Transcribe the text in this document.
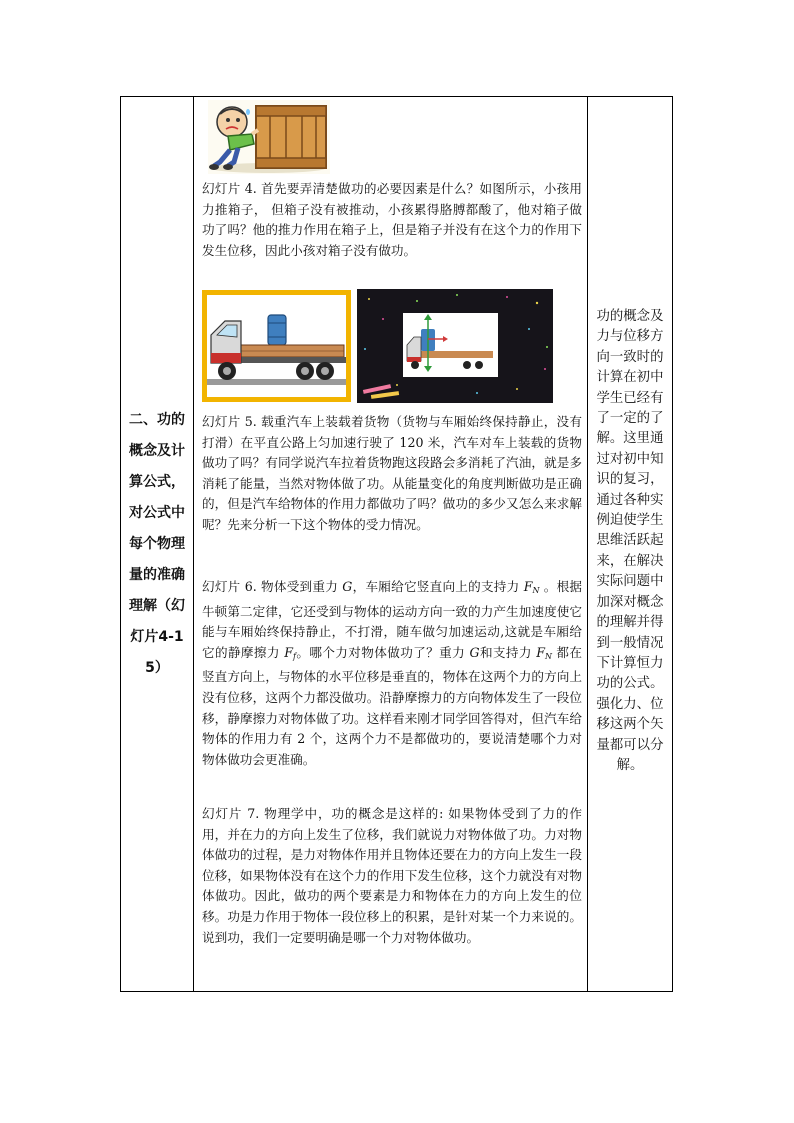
二、功的概念及计算公式，对公式中每个物理量的准确理解（幻灯片4-15）
幻灯片 4. 首先要弄清楚做功的必要因素是什么？如图所示，小孩用力推箱子， 但箱子没有被推动，小孩累得胳膊都酸了，他对箱子做功了吗？他的推力作用在箱子上，但是箱子并没有在这个力的作用下发生位移，因此小孩对箱子没有做功。
幻灯片 5. 载重汽车上装载着货物（货物与车厢始终保持静止，没有打滑）在平直公路上匀加速行驶了 120 米，汽车对车上装载的货物做功了吗？有同学说汽车拉着货物跑这段路会多消耗了汽油，就是多消耗了能量，当然对物体做了功。从能量变化的角度判断做功是正确的，但是汽车给物体的作用力都做功了吗？做功的多少又怎么来求解呢？先来分析一下这个物体的受力情况。
幻灯片 6. 物体受到重力 G，车厢给它竖直向上的支持力 $F_N$ 。根据牛顿第二定律，它还受到与物体的运动方向一致的力产生加速度使它能与车厢始终保持静止，不打滑，随车做匀加速运动,这就是车厢给它的静摩擦力 $F_f$。哪个力对物体做功了？重力 G和支持力 $F_N$ 都在竖直方向上，与物体的水平位移是垂直的，物体在这两个力的方向上没有位移，这两个力都没做功。沿静摩擦力的方向物体发生了一段位移，静摩擦力对物体做了功。这样看来刚才同学回答得对，但汽车给物体的作用力有 2 个，这两个力不是都做功的，要说清楚哪个力对物体做功会更准确。
幻灯片 7. 物理学中，功的概念是这样的: 如果物体受到了力的作用，并在力的方向上发生了位移，我们就说力对物体做了功。力对物体做功的过程，是力对物体作用并且物体还要在力的方向上发生一段位移，如果物体没有在这个力的作用下发生位移，这个力就没有对物体做功。因此，做功的两个要素是力和物体在力的方向上发生的位移。功是力作用于物体一段位移上的积累，是针对某一个力来说的。说到功，我们一定要明确是哪一个力对物体做功。
功的概念及力与位移方向一致时的计算在初中学生已经有了一定的了解。这里通过对初中知识的复习，通过各种实例迫使学生思维活跃起来，在解决实际问题中加深对概念的理解并得到一般情况下计算恒力功的公式。强化力、位移这两个矢量都可以分解。
